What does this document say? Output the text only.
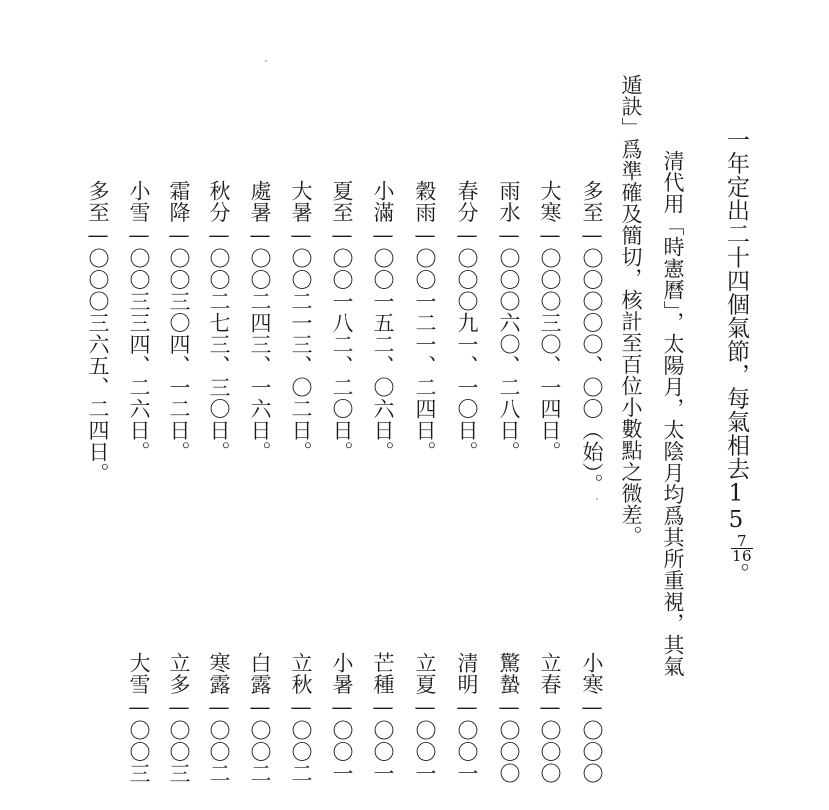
一年定出二十四個氣節，每氣相去15
$\frac{7}{16}$
。
清代用「時憲曆」，太陽月，太陰月均爲其所重視，其氣
遁訣」爲準確及簡切，核計至百位小數點之微差。
多至—〇〇〇〇〇、〇〇（始）。
大寒—〇〇〇三〇、一四日。
雨水—〇〇〇六〇、二八日。
春分—〇〇〇九一、一〇日。
穀雨—〇〇一二一、二四日。
小滿—〇〇一五二、〇六日。
夏至—〇〇一八二、二〇日。
大暑—〇〇二一三、〇二日。
處暑—〇〇二四三、一六日。
秋分—〇〇二七三、三〇日。
霜降—〇〇三〇四、一二日。
小雪—〇〇三三四、二六日。
多至—〇〇〇三六五、二四日。
小寒—〇〇〇
立春—〇〇〇
驚蟄—〇〇〇
清明—〇〇一
立夏—〇〇一
芒種—〇〇一
小暑—〇〇一
立秋—〇〇二
白露—〇〇二
寒露—〇〇二
立多—〇〇三
大雪—〇〇三
